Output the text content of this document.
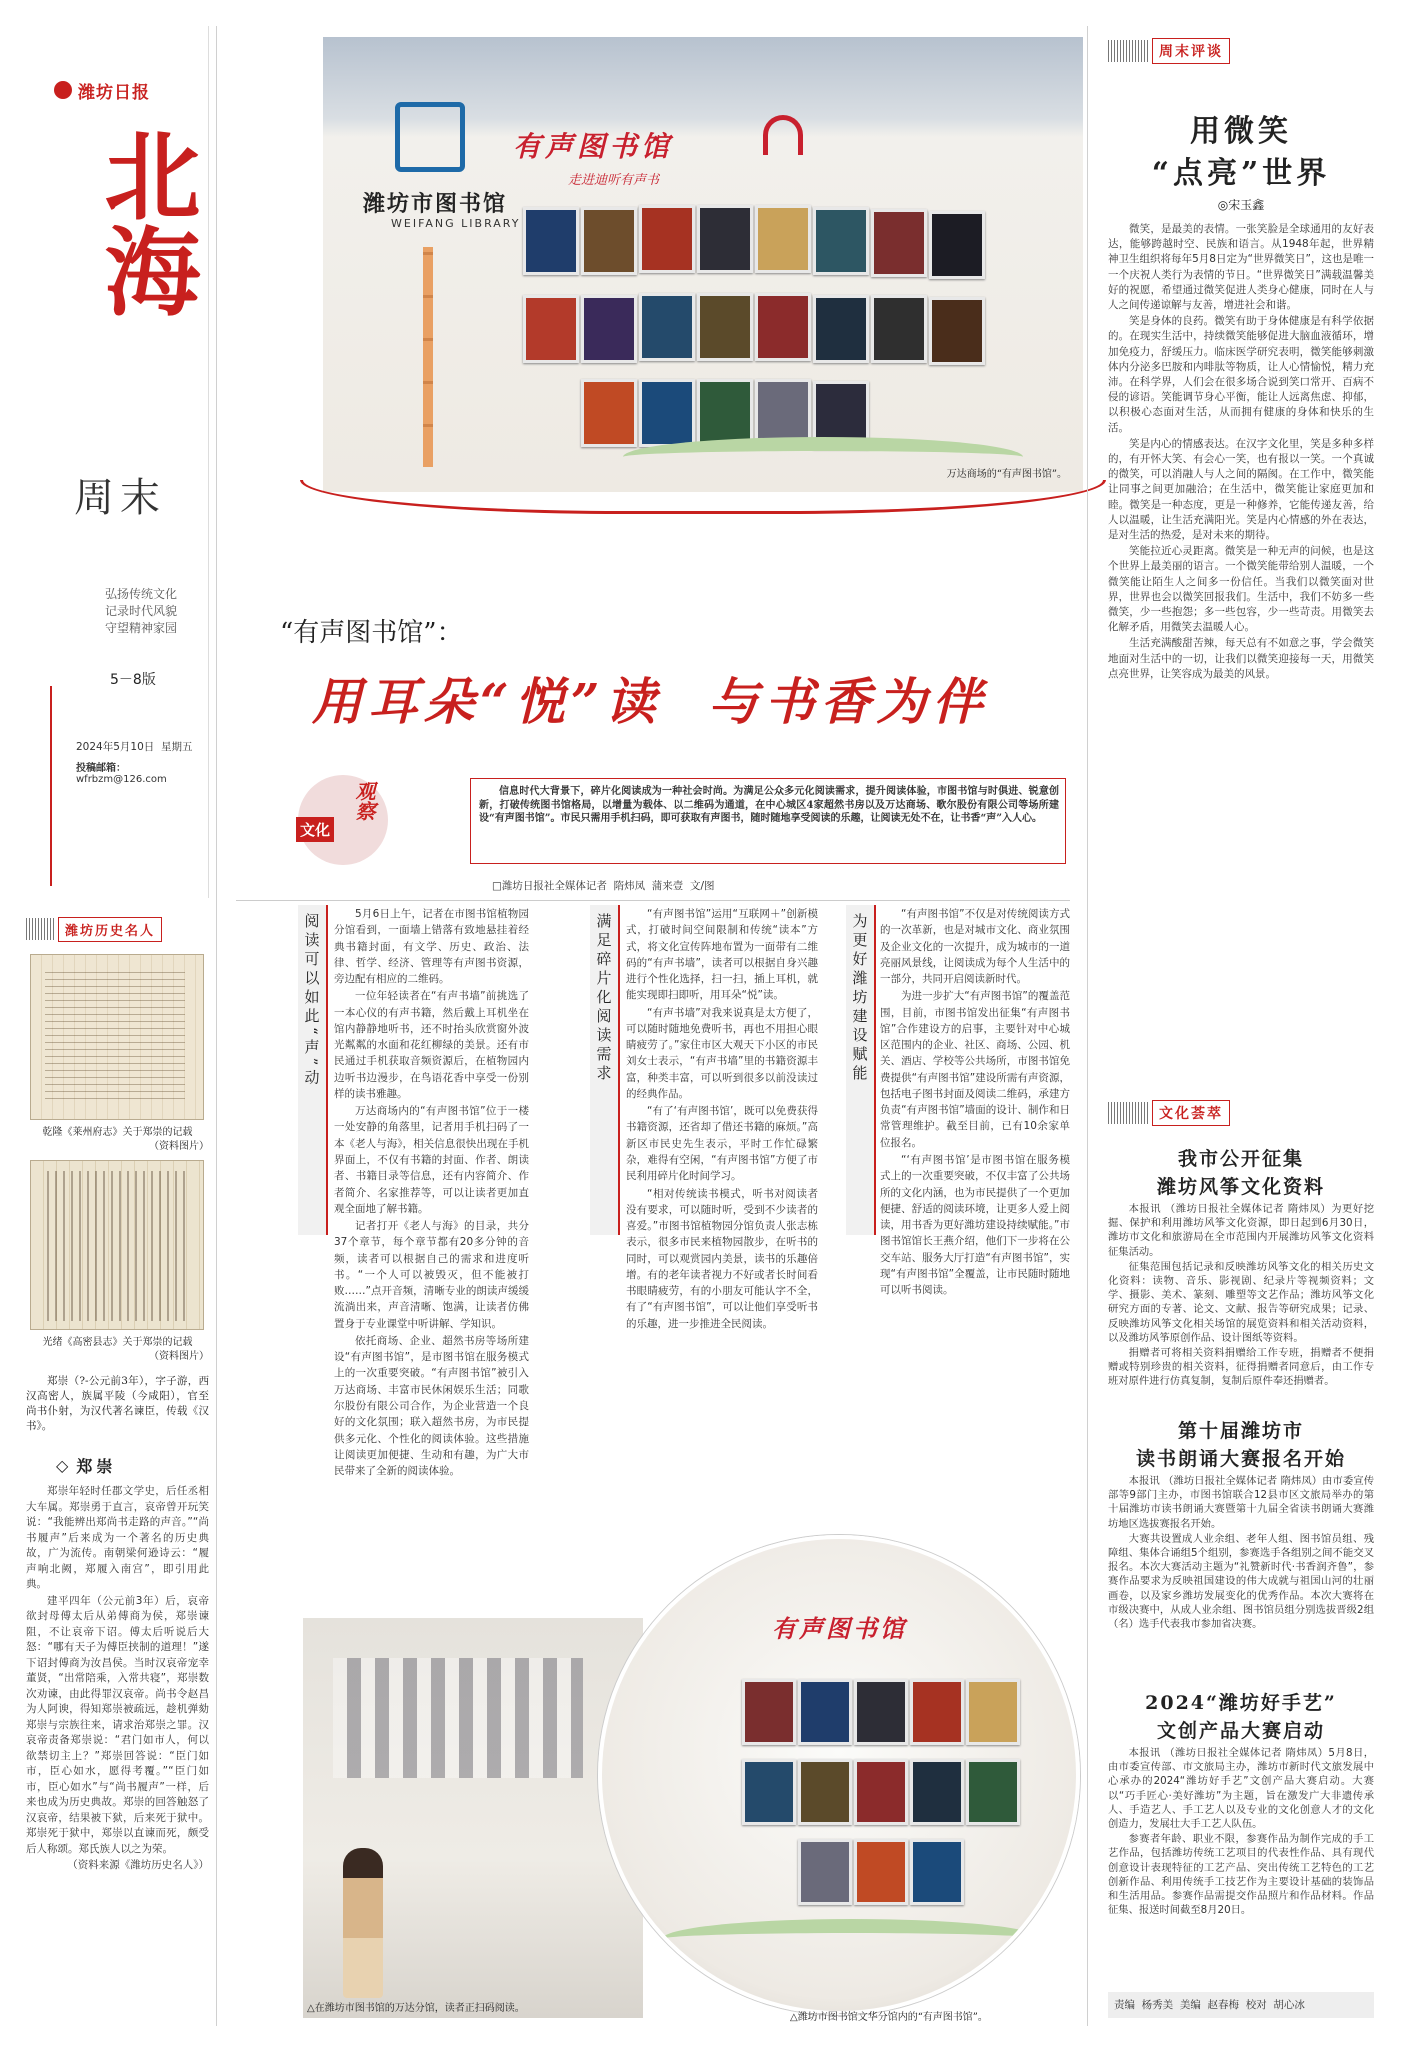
潍坊日报
北海
周末
弘扬传统文化
记录时代风貌
守望精神家园
5－8版
2024年5月10日 星期五
投稿邮箱：wfrbzm@126.com
潍坊历史名人
乾隆《莱州府志》关于郑崇的记载
（资料图片）
光绪《高密县志》关于郑崇的记载
（资料图片）
郑崇（?-公元前3年），字子游，西汉高密人，族属平陵（今咸阳），官至尚书仆射，为汉代著名谏臣，传载《汉书》。
◇ 郑崇

郑崇年轻时任郡文学史，后任丞相大车属。郑崇勇于直言，哀帝曾开玩笑说：“我能辨出郑尚书走路的声音。”“尚书履声”后来成为一个著名的历史典故，广为流传。南朝梁何逊诗云：“履声响北阙，郑履入南宫”，即引用此典。

建平四年（公元前3年）后，哀帝欲封母傅太后从弟傅商为侯，郑崇谏阻，不让哀帝下诏。傅太后听说后大怒：“哪有天子为傅臣挟制的道理！”遂下诏封傅商为汝昌侯。当时汉哀帝宠幸董贤，“出常陪乘，入常共寝”，郑崇数次劝谏，由此得罪汉哀帝。尚书令赵昌为人阿谀，得知郑崇被疏远，趁机弹劾郑崇与宗族往来，请求治郑崇之罪。汉哀帝责备郑崇说：“君门如市人，何以欲禁切主上？”郑崇回答说：“臣门如市，臣心如水，愿得考覆。”“臣门如市，臣心如水”与“尚书履声”一样，后来也成为历史典故。郑崇的回答触怒了汉哀帝，结果被下狱，后来死于狱中。郑崇死于狱中，郑崇以直谏而死，颇受后人称颂。郑氏族人以之为荣。

（资料来源《潍坊历史名人》）

潍坊市图书馆
WEIFANG LIBRARY
有声图书馆
走进迪听有声书
万达商场的“有声图书馆”。
“有声图书馆”：
用耳朵“悦”读  与书香为伴
文化
观察	信息时代大背景下，碎片化阅读成为一种社会时尚。为满足公众多元化阅读需求，提升阅读体验，市图书馆与时俱进、锐意创新，打破传统图书馆格局，以增量为载体、以二维码为通道，在中心城区4家超然书房以及万达商场、歌尔股份有限公司等场所建设“有声图书馆”。市民只需用手机扫码，即可获取有声图书，随时随地享受阅读的乐趣，让阅读无处不在，让书香“声”入人心。
□潍坊日报社全媒体记者  隋炜凤  蒲来壹  文/图
阅读可以如此“声”动	5月6日上午，记者在市图书馆植物园分馆看到，一面墙上错落有致地悬挂着经典书籍封面，有文学、历史、政治、法律、哲学、经济、管理等有声图书资源，旁边配有相应的二维码。

一位年轻读者在“有声书墙”前挑选了一本心仪的有声书籍，然后戴上耳机坐在馆内静静地听书，还不时抬头欣赏窗外波光粼粼的水面和花红柳绿的美景。还有市民通过手机获取音频资源后，在植物园内边听书边漫步，在鸟语花香中享受一份别样的读书雅趣。

万达商场内的“有声图书馆”位于一楼一处安静的角落里，记者用手机扫码了一本《老人与海》，相关信息很快出现在手机界面上，不仅有书籍的封面、作者、朗读者、书籍目录等信息，还有内容简介、作者简介、名家推荐等，可以让读者更加直观全面地了解书籍。

记者打开《老人与海》的目录，共分37个章节，每个章节都有20多分钟的音频，读者可以根据自己的需求和进度听书。“一个人可以被毁灭，但不能被打败……”点开音频，清晰专业的朗读声缓缓流淌出来，声音清晰、饱满，让读者仿佛置身于专业课堂中听讲解、学知识。

依托商场、企业、超然书房等场所建设“有声图书馆”，是市图书馆在服务模式上的一次重要突破。“有声图书馆”被引入万达商场、丰富市民休闲娱乐生活；同歌尔股份有限公司合作，为企业营造一个良好的文化氛围；联入超然书房，为市民提供多元化、个性化的阅读体验。这些措施让阅读更加便捷、生动和有趣，为广大市民带来了全新的阅读体验。

满足碎片化阅读需求	“有声图书馆”运用“互联网＋”创新模式，打破时间空间限制和传统“读本”方式，将文化宣传阵地布置为一面带有二维码的“有声书墙”，读者可以根据自身兴趣进行个性化选择，扫一扫，插上耳机，就能实现即扫即听，用耳朵“悦”读。

“有声书墙”对我来说真是太方便了，可以随时随地免费听书，再也不用担心眼睛疲劳了。”家住市区大观天下小区的市民刘女士表示，“有声书墙”里的书籍资源丰富，种类丰富，可以听到很多以前没读过的经典作品。

“有了‘有声图书馆’，既可以免费获得书籍资源，还省却了借还书籍的麻烦。”高新区市民史先生表示，平时工作忙碌繁杂，难得有空闲，“有声图书馆”方便了市民利用碎片化时间学习。

“相对传统读书模式，听书对阅读者没有要求，可以随时听，受到不少读者的喜爱。”市图书馆植物园分馆负责人张志栋表示，很多市民来植物园散步，在听书的同时，可以观赏园内美景，读书的乐趣倍增。有的老年读者视力不好或者长时间看书眼睛疲劳，有的小朋友可能认字不全，有了“有声图书馆”，可以让他们享受听书的乐趣，进一步推进全民阅读。

为更好潍坊建设赋能	“有声图书馆”不仅是对传统阅读方式的一次革新，也是对城市文化、商业氛围及企业文化的一次提升，成为城市的一道亮丽风景线，让阅读成为每个人生活中的一部分，共同开启阅读新时代。

为进一步扩大“有声图书馆”的覆盖范围，目前，市图书馆发出征集“有声图书馆”合作建设方的启事，主要针对中心城区范围内的企业、社区、商场、公园、机关、酒店、学校等公共场所，市图书馆免费提供“有声图书馆”建设所需有声资源，包括电子图书封面及阅读二维码，承建方负责“有声图书馆”墙面的设计、制作和日常管理维护。截至目前，已有10余家单位报名。

“‘有声图书馆’是市图书馆在服务模式上的一次重要突破，不仅丰富了公共场所的文化内涵，也为市民提供了一个更加便捷、舒适的阅读环境，让更多人爱上阅读，用书香为更好潍坊建设持续赋能。”市图书馆馆长王燕介绍，他们下一步将在公交车站、服务大厅打造“有声图书馆”，实现“有声图书馆”全覆盖，让市民随时随地可以听书阅读。

△在潍坊市图书馆的万达分馆，读者正扫码阅读。
有声图书馆
△潍坊市图书馆文华分馆内的“有声图书馆”。
周末评谈
用微笑
“点亮”世界
◎宋玉鑫

微笑，是最美的表情。一张笑脸是全球通用的友好表达，能够跨越时空、民族和语言。从1948年起，世界精神卫生组织将每年5月8日定为“世界微笑日”，这也是唯一一个庆祝人类行为表情的节日。“世界微笑日”满载温馨美好的祝愿，希望通过微笑促进人类身心健康，同时在人与人之间传递谅解与友善，增进社会和谐。

笑是身体的良药。微笑有助于身体健康是有科学依据的。在现实生活中，持续微笑能够促进大脑血液循环，增加免疫力，舒缓压力。临床医学研究表明，微笑能够刺激体内分泌多巴胺和内啡肽等物质，让人心情愉悦，精力充沛。在科学界，人们会在很多场合说到笑口常开、百病不侵的谚语。笑能调节身心平衡，能让人远离焦虑、抑郁，以积极心态面对生活，从而拥有健康的身体和快乐的生活。

笑是内心的情感表达。在汉字文化里，笑是多种多样的，有开怀大笑、有会心一笑，也有报以一笑。一个真诚的微笑，可以消融人与人之间的隔阂。在工作中，微笑能让同事之间更加融洽；在生活中，微笑能让家庭更加和睦。微笑是一种态度，更是一种修养，它能传递友善，给人以温暖，让生活充满阳光。笑是内心情感的外在表达，是对生活的热爱，是对未来的期待。

笑能拉近心灵距离。微笑是一种无声的问候，也是这个世界上最美丽的语言。一个微笑能带给别人温暖，一个微笑能让陌生人之间多一份信任。当我们以微笑面对世界，世界也会以微笑回报我们。生活中，我们不妨多一些微笑，少一些抱怨；多一些包容，少一些苛责。用微笑去化解矛盾，用微笑去温暖人心。

生活充满酸甜苦辣，每天总有不如意之事，学会微笑地面对生活中的一切，让我们以微笑迎接每一天，用微笑点亮世界，让笑容成为最美的风景。

文化荟萃
我市公开征集
潍坊风筝文化资料

本报讯 （潍坊日报社全媒体记者 隋炜凤）为更好挖掘、保护和利用潍坊风筝文化资源，即日起到6月30日，潍坊市文化和旅游局在全市范围内开展潍坊风筝文化资料征集活动。

征集范围包括记录和反映潍坊风筝文化的相关历史文化资料：读物、音乐、影视剧、纪录片等视频资料；文学、摄影、美术、篆刻、雕塑等文艺作品；潍坊风筝文化研究方面的专著、论文、文献、报告等研究成果；记录、反映潍坊风筝文化相关场馆的展览资料和相关活动资料，以及潍坊风筝原创作品、设计图纸等资料。

捐赠者可将相关资料捐赠给工作专班，捐赠者不便捐赠或特别珍贵的相关资料，征得捐赠者同意后，由工作专班对原件进行仿真复制，复制后原件奉还捐赠者。

第十届潍坊市
读书朗诵大赛报名开始

本报讯 （潍坊日报社全媒体记者 隋炜凤）由市委宣传部等9部门主办，市图书馆联合12县市区文旅局举办的第十届潍坊市读书朗诵大赛暨第十九届全省读书朗诵大赛潍坊地区选拔赛报名开始。

大赛共设置成人业余组、老年人组、图书馆员组、残障组、集体合诵组5个组别，参赛选手各组别之间不能交叉报名。本次大赛活动主题为“礼赞新时代·书香润齐鲁”，参赛作品要求为反映祖国建设的伟大成就与祖国山河的壮丽画卷，以及家乡潍坊发展变化的优秀作品。本次大赛将在市级决赛中，从成人业余组、图书馆员组分别选拔晋级2组（名）选手代表我市参加省决赛。

2024“潍坊好手艺”
文创产品大赛启动

本报讯 （潍坊日报社全媒体记者 隋炜凤）5月8日，由市委宣传部、市文旅局主办，潍坊市新时代文旅发展中心承办的2024“潍坊好手艺”文创产品大赛启动。大赛以“巧手匠心·美好潍坊”为主题，旨在激发广大非遗传承人、手造艺人、手工艺人以及专业的文化创意人才的文化创造力，发展壮大手工艺人队伍。

参赛者年龄、职业不限，参赛作品为制作完成的手工艺作品，包括潍坊传统工艺项目的代表性作品、具有现代创意设计表现特征的工艺产品、突出传统工艺特色的工艺创新作品、利用传统手工技艺作为主要设计基础的装饰品和生活用品。参赛作品需提交作品照片和作品材料。作品征集、报送时间截至8月20日。

责编  杨秀美  美编  赵春梅  校对  胡心冰
